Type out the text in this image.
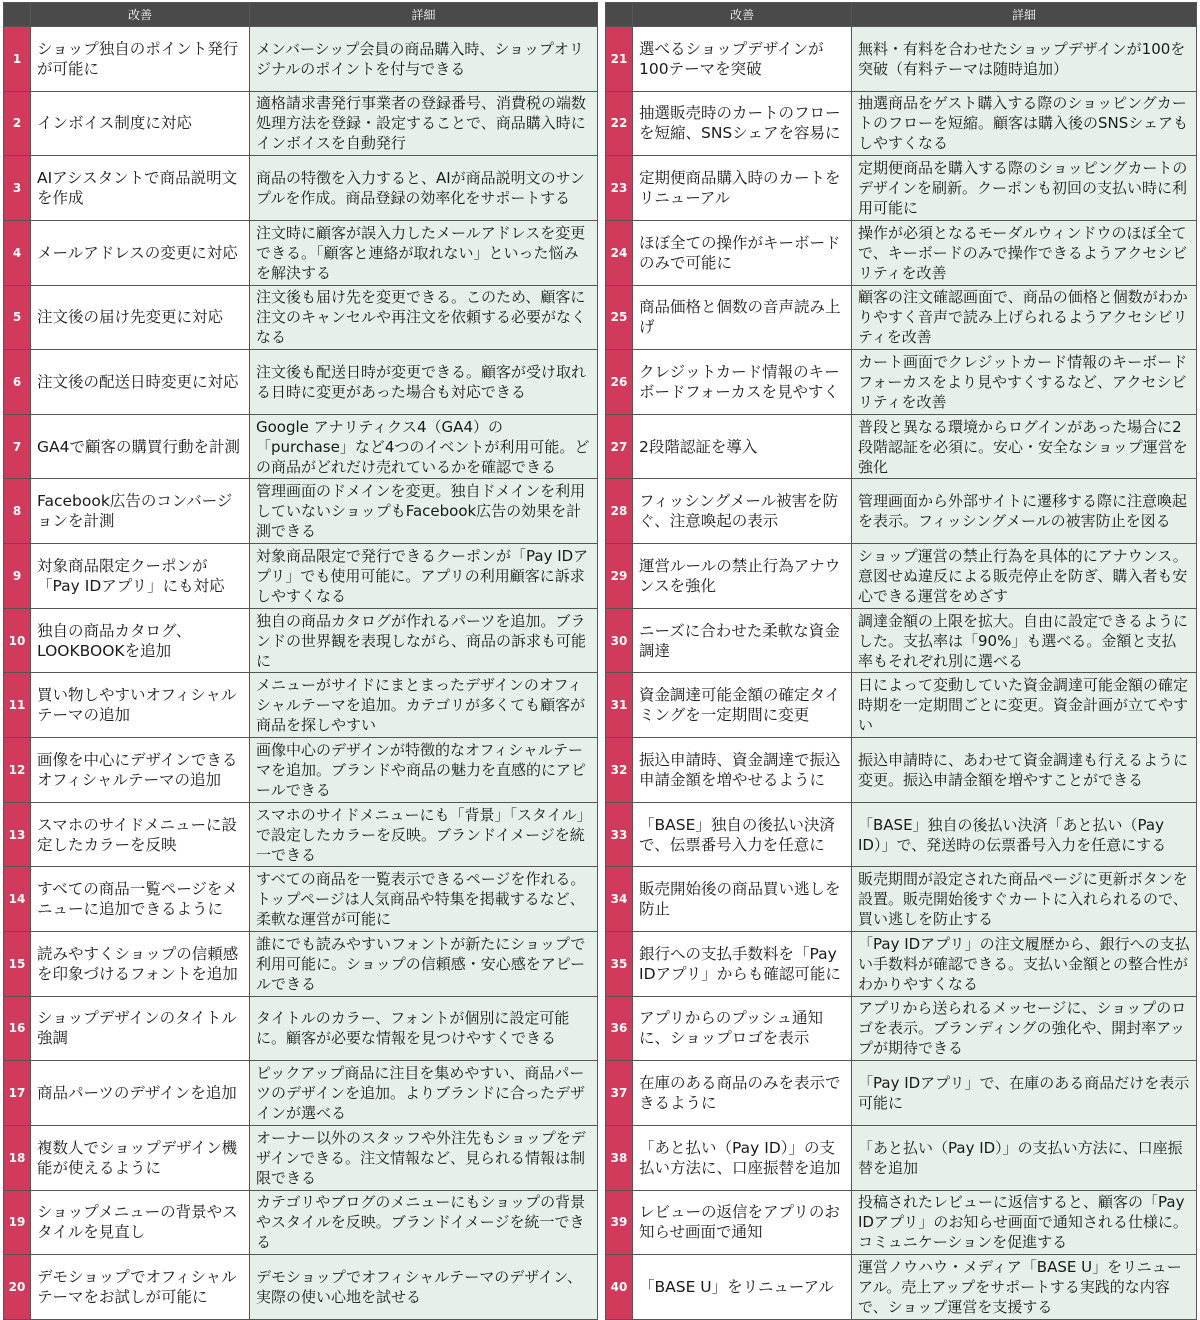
	改善	詳細
1	ショップ独自のポイント発行が可能に	メンバーシップ会員の商品購入時、ショップオリジナルのポイントを付与できる
2	インボイス制度に対応	適格請求書発行事業者の登録番号、消費税の端数処理方法を登録・設定することで、商品購入時にインボイスを自動発行
3	AIアシスタントで商品説明文を作成	商品の特徴を入力すると、AIが商品説明文のサンプルを作成。商品登録の効率化をサポートする
4	メールアドレスの変更に対応	注文時に顧客が誤入力したメールアドレスを変更できる。「顧客と連絡が取れない」といった悩みを解決する
5	注文後の届け先変更に対応	注文後も届け先を変更できる。このため、顧客に注文のキャンセルや再注文を依頼する必要がなくなる
6	注文後の配送日時変更に対応	注文後も配送日時が変更できる。顧客が受け取れる日時に変更があった場合も対応できる
7	GA4で顧客の購買行動を計測	Google アナリティクス4（GA4）の「purchase」など4つのイベントが利用可能。どの商品がどれだけ売れているかを確認できる
8	Facebook広告のコンバージョンを計測	管理画面のドメインを変更。独自ドメインを利用していないショップもFacebook広告の効果を計測できる
9	対象商品限定クーポンが「Pay IDアプリ」にも対応	対象商品限定で発行できるクーポンが「Pay IDアプリ」でも使用可能に。アプリの利用顧客に訴求しやすくなる
10	独自の商品カタログ、LOOKBOOKを追加	独自の商品カタログが作れるパーツを追加。ブランドの世界観を表現しながら、商品の訴求も可能に
11	買い物しやすいオフィシャルテーマの追加	メニューがサイドにまとまったデザインのオフィシャルテーマを追加。カテゴリが多くても顧客が商品を探しやすい
12	画像を中心にデザインできるオフィシャルテーマの追加	画像中心のデザインが特徴的なオフィシャルテーマを追加。ブランドや商品の魅力を直感的にアピールできる
13	スマホのサイドメニューに設定したカラーを反映	スマホのサイドメニューにも「背景」「スタイル」で設定したカラーを反映。ブランドイメージを統一できる
14	すべての商品一覧ページをメニューに追加できるように	すべての商品を一覧表示できるページを作れる。トップページは人気商品や特集を掲載するなど、柔軟な運営が可能に
15	読みやすくショップの信頼感を印象づけるフォントを追加	誰にでも読みやすいフォントが新たにショップで利用可能に。ショップの信頼感・安心感をアピールできる
16	ショップデザインのタイトル強調	タイトルのカラー、フォントが個別に設定可能に。顧客が必要な情報を見つけやすくできる
17	商品パーツのデザインを追加	ピックアップ商品に注目を集めやすい、商品パーツのデザインを追加。よりブランドに合ったデザインが選べる
18	複数人でショップデザイン機能が使えるように	オーナー以外のスタッフや外注先もショップをデザインできる。注文情報など、見られる情報は制限できる
19	ショップメニューの背景やスタイルを見直し	カテゴリやブログのメニューにもショップの背景やスタイルを反映。ブランドイメージを統一できる
20	デモショップでオフィシャルテーマをお試しが可能に	デモショップでオフィシャルテーマのデザイン、実際の使い心地を試せる
	改善	詳細
21	選べるショップデザインが100テーマを突破	無料・有料を合わせたショップデザインが100を突破（有料テーマは随時追加）
22	抽選販売時のカートのフローを短縮、SNSシェアを容易に	抽選商品をゲスト購入する際のショッピングカートのフローを短縮。顧客は購入後のSNSシェアもしやすくなる
23	定期便商品購入時のカートをリニューアル	定期便商品を購入する際のショッピングカートのデザインを刷新。クーポンも初回の支払い時に利用可能に
24	ほぼ全ての操作がキーボードのみで可能に	操作が必須となるモーダルウィンドウのほぼ全てで、キーボードのみで操作できるようアクセシビリティを改善
25	商品価格と個数の音声読み上げ	顧客の注文確認画面で、商品の価格と個数がわかりやすく音声で読み上げられるようアクセシビリティを改善
26	クレジットカード情報のキーボードフォーカスを見やすく	カート画面でクレジットカード情報のキーボードフォーカスをより見やすくするなど、アクセシビリティを改善
27	2段階認証を導入	普段と異なる環境からログインがあった場合に2段階認証を必須に。安心・安全なショップ運営を強化
28	フィッシングメール被害を防ぐ、注意喚起の表示	管理画面から外部サイトに遷移する際に注意喚起を表示。フィッシングメールの被害防止を図る
29	運営ルールの禁止行為アナウンスを強化	ショップ運営の禁止行為を具体的にアナウンス。意図せぬ違反による販売停止を防ぎ、購入者も安心できる運営をめざす
30	ニーズに合わせた柔軟な資金調達	調達金額の上限を拡大。自由に設定できるようにした。支払率は「90%」も選べる。金額と支払率もそれぞれ別に選べる
31	資金調達可能金額の確定タイミングを一定期間に変更	日によって変動していた資金調達可能金額の確定時期を一定期間ごとに変更。資金計画が立てやすい
32	振込申請時、資金調達で振込申請金額を増やせるように	振込申請時に、あわせて資金調達も行えるように変更。振込申請金額を増やすことができる
33	「BASE」独自の後払い決済で、伝票番号入力を任意に	「BASE」独自の後払い決済「あと払い（Pay ID）」で、発送時の伝票番号入力を任意にする
34	販売開始後の商品買い逃しを防止	販売期間が設定された商品ページに更新ボタンを設置。販売開始後すぐカートに入れられるので、買い逃しを防止する
35	銀行への支払手数料を「Pay IDアプリ」からも確認可能に	「Pay IDアプリ」の注文履歴から、銀行への支払い手数料が確認できる。支払い金額との整合性がわかりやすくなる
36	アプリからのプッシュ通知に、ショップロゴを表示	アプリから送られるメッセージに、ショップのロゴを表示。ブランディングの強化や、開封率アップが期待できる
37	在庫のある商品のみを表示できるように	「Pay IDアプリ」で、在庫のある商品だけを表示可能に
38	「あと払い（Pay ID）」の支払い方法に、口座振替を追加	「あと払い（Pay ID）」の支払い方法に、口座振替を追加
39	レビューの返信をアプリのお知らせ画面で通知	投稿されたレビューに返信すると、顧客の「Pay IDアプリ」のお知らせ画面で通知される仕様に。コミュニケーションを促進する
40	「BASE U」をリニューアル	運営ノウハウ・メディア「BASE U」をリニューアル。売上アップをサポートする実践的な内容で、ショップ運営を支援する
